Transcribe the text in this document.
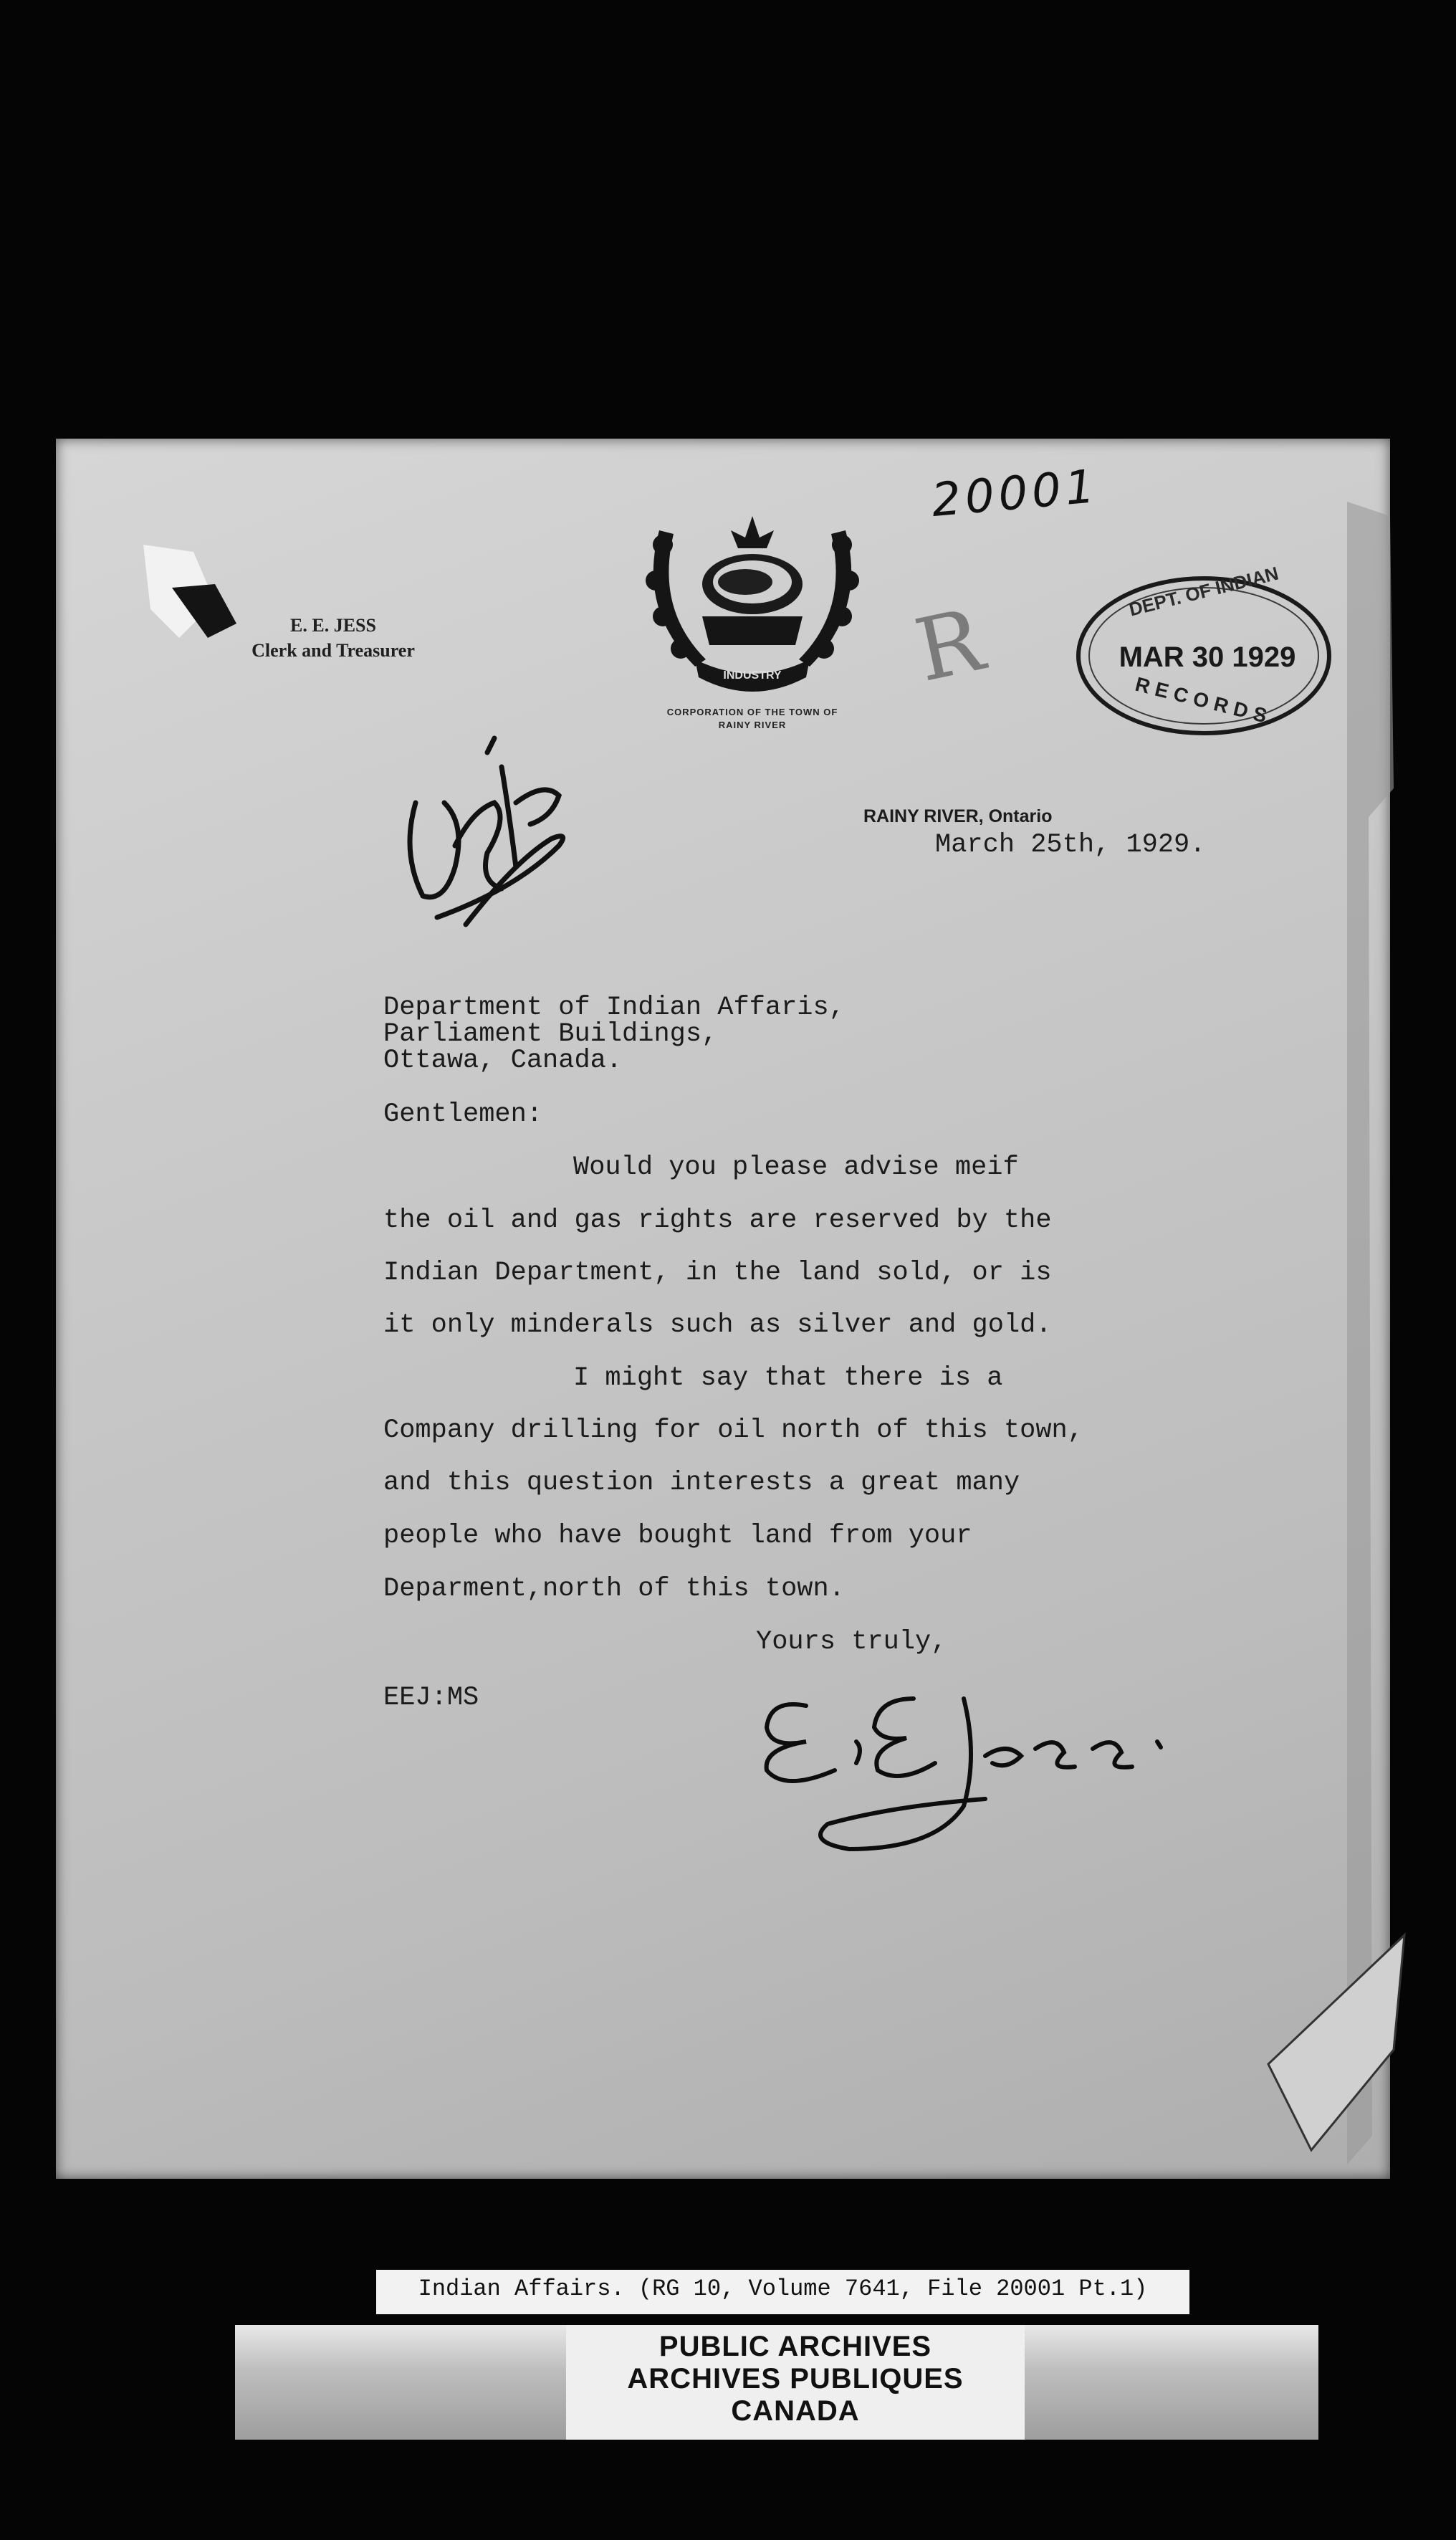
20001
E. E. JESS
Clerk and Treasurer
INDUSTRY
CORPORATION OF THE TOWN OF
RAINY RIVER
R	DEPT. OF INDIAN
MAR 30 1929
RECORDS
RAINY RIVER, Ontario
March 25th, 1929.
Department of Indian Affaris,
Parliament Buildings,
Ottawa, Canada.
Gentlemen:
Would you please advise meif
the oil and gas rights are reserved by the
Indian Department, in the land sold, or is
it only minderals such as silver and gold.
I might say that there is a
Company drilling for oil north of this town,
and this question interests a great many
people who have bought land from your
Deparment,north of this town.
Yours truly,
EEJ:MS
Indian Affairs. (RG 10, Volume 7641, File 20001 Pt.1)
PUBLIC ARCHIVES
ARCHIVES PUBLIQUES
CANADA
